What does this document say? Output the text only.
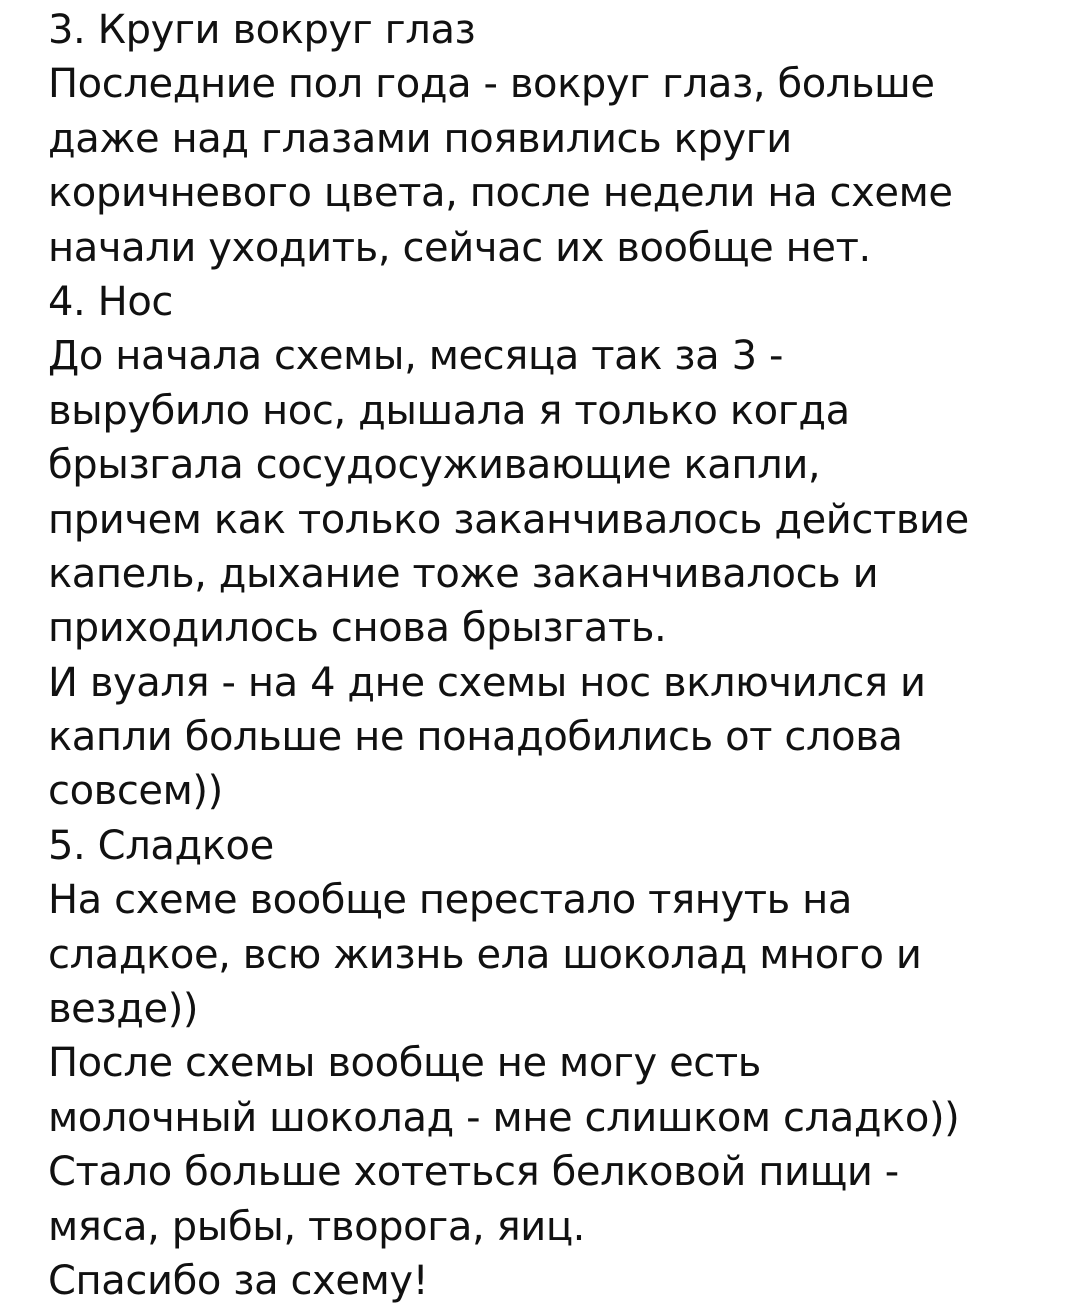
3. Круги вокруг глаз
Последние пол года - вокруг глаз, больше
даже над глазами появились круги
коричневого цвета, после недели на схеме
начали уходить, сейчас их вообще нет.
4. Нос
До начала схемы, месяца так за 3 -
вырубило нос, дышала я только когда
брызгала сосудосуживающие капли,
причем как только заканчивалось действие
капель, дыхание тоже заканчивалось и
приходилось снова брызгать.
И вуаля - на 4 дне схемы нос включился и
капли больше не понадобились от слова
совсем))
5. Сладкое
На схеме вообще перестало тянуть на
сладкое, всю жизнь ела шоколад много и
везде))
После схемы вообще не могу есть
молочный шоколад - мне слишком сладко))
Стало больше хотеться белковой пищи -
мяса, рыбы, творога, яиц.
Спасибо за схему!
